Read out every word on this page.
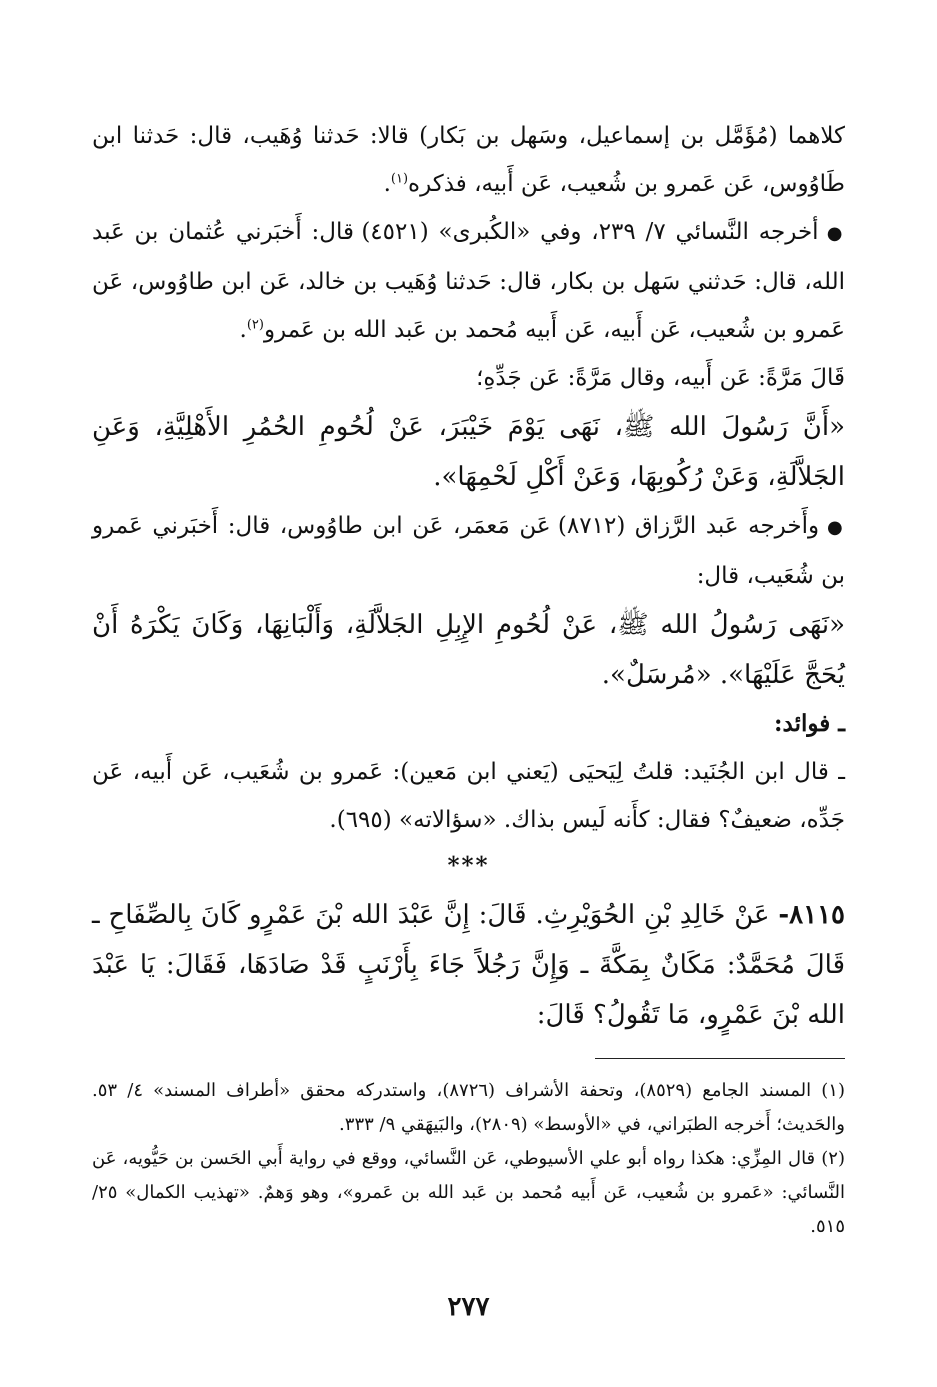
كلاهما (مُؤَمَّل بن إسماعيل، وسَهل بن بَكار) قالا: حَدثنا وُهَيب، قال: حَدثنا ابن طَاوُوس، عَن عَمرو بن شُعيب، عَن أَبيه، فذكره$^{(١)}$.

● أخرجه النَّسائي ٧/ ٢٣٩، وفي «الكُبرى» (٤٥٢١) قال: أَخبَرني عُثمان بن عَبد الله، قال: حَدثني سَهل بن بكار، قال: حَدثنا وُهَيب بن خالد، عَن ابن طاوُوس، عَن عَمرو بن شُعيب، عَن أَبيه، عَن أَبيه مُحمد بن عَبد الله بن عَمرو$^{(٢)}$.

قَالَ مَرَّةً: عَن أَبيه، وقال مَرَّةً: عَن جَدِّهِ؛

«أَنَّ رَسُولَ الله ﷺ، نَهَى يَوْمَ خَيْبَرَ، عَنْ لُحُومِ الحُمُرِ الأَهْلِيَّةِ، وَعَنِ الجَلاَّلَةِ، وَعَنْ رُكُوبِهَا، وَعَنْ أَكْلِ لَحْمِهَا».

● وأَخرجه عَبد الرَّزاق (٨٧١٢) عَن مَعمَر، عَن ابن طاوُوس، قال: أَخبَرني عَمرو بن شُعَيب، قال:

«نَهَى رَسُولُ الله ﷺ، عَنْ لُحُومِ الإِبِلِ الجَلاَّلَةِ، وَأَلْبَانِهَا، وَكَانَ يَكْرَهُ أَنْ يُحَجَّ عَلَيْهَا». «مُرسَلٌ».

ـ فوائد:

ـ قال ابن الجُنَيد: قلتُ لِيَحيَى (يَعني ابن مَعين): عَمرو بن شُعَيب، عَن أَبيه، عَن جَدِّه، ضعيفٌ؟ فقال: كأَنه لَيس بذاك. «سؤالاته» (٦٩٥).

***

٨١١٥- عَنْ خَالِدِ بْنِ الحُوَيْرِثِ. قَالَ: إِنَّ عَبْدَ الله بْنَ عَمْرٍو كَانَ بِالصِّفَاحِ ـ قَالَ مُحَمَّدٌ: مَكَانٌ بِمَكَّةَ ـ وَإِنَّ رَجُلاً جَاءَ بِأَرْنَبٍ قَدْ صَادَهَا، فَقَالَ: يَا عَبْدَ الله بْنَ عَمْرٍو، مَا تَقُولُ؟ قَالَ:

(١) المسند الجامع (٨٥٢٩)، وتحفة الأشراف (٨٧٢٦)، واستدركه محقق «أطراف المسند» ٤/ ٥٣. والحَديث؛ أَخرجه الطبَراني، في «الأوسط» (٢٨٠٩)، والبَيهَقي ٩/ ٣٣٣.

(٢) قال المِزِّي: هكذا رواه أبو علي الأسيوطي، عَن النَّسائي، ووقع في رواية أَبي الحَسن بن حَيُّويه، عَن النَّسائي: «عَمرو بن شُعيب، عَن أَبيه مُحمد بن عَبد الله بن عَمرو»، وهو وَهمٌ. «تهذيب الكمال» ٢٥/ ٥١٥.

٢٧٧
